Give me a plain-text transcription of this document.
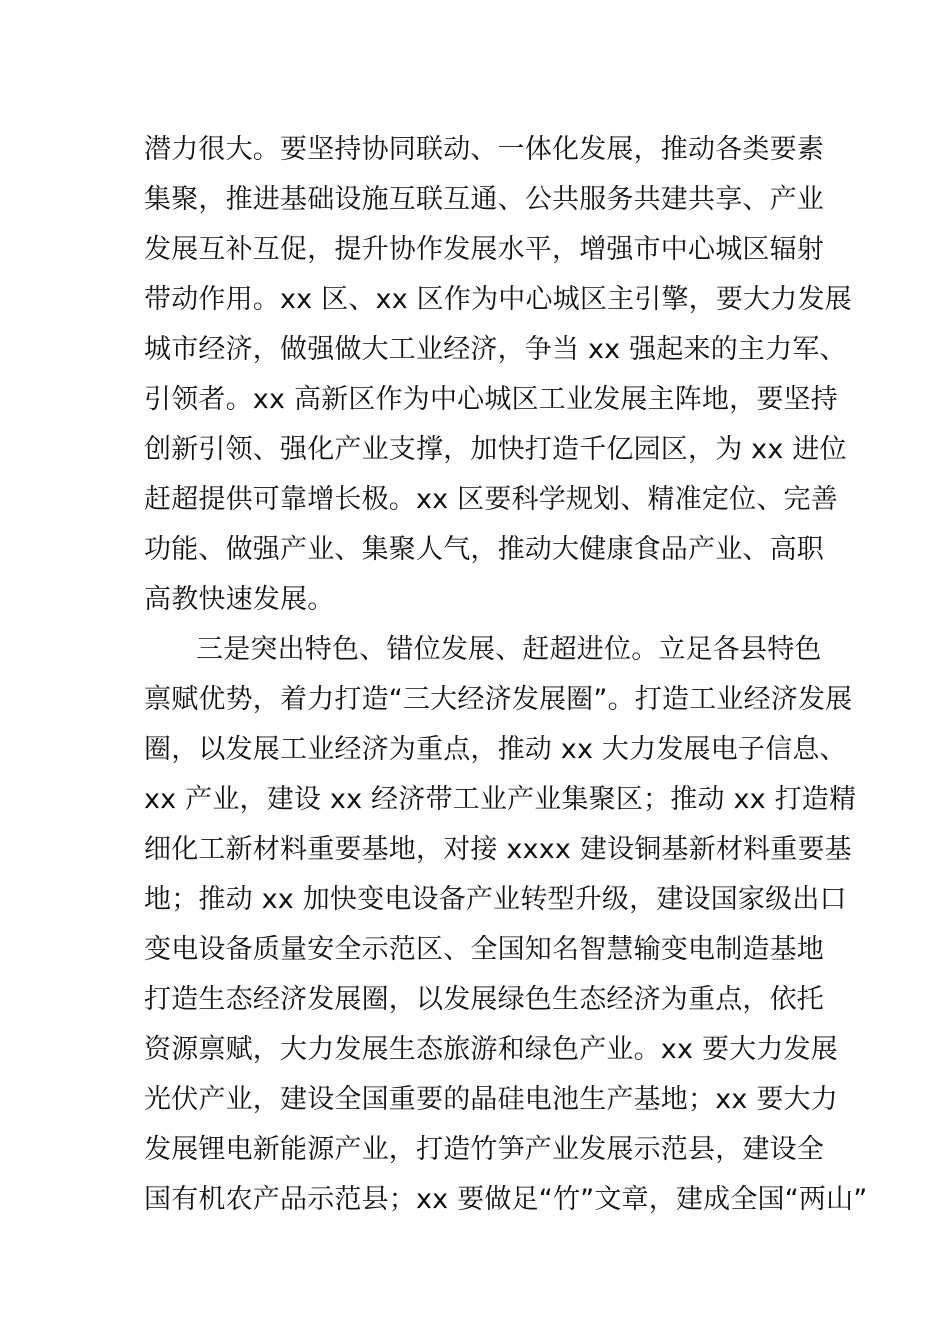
潜力很大。要坚持协同联动、一体化发展，推动各类要素
集聚，推进基础设施互联互通、公共服务共建共享、产业
发展互补互促，提升协作发展水平，增强市中心城区辐射
带动作用。xx 区、xx 区作为中心城区主引擎，要大力发展
城市经济，做强做大工业经济，争当 xx 强起来的主力军、
引领者。xx 高新区作为中心城区工业发展主阵地，要坚持
创新引领、强化产业支撑，加快打造千亿园区，为 xx 进位
赶超提供可靠增长极。xx 区要科学规划、精准定位、完善
功能、做强产业、集聚人气，推动大健康食品产业、高职
高教快速发展。
三是突出特色、错位发展、赶超进位。立足各县特色
禀赋优势，着力打造“三大经济发展圈”。打造工业经济发展
圈，以发展工业经济为重点，推动 xx 大力发展电子信息、
xx 产业，建设 xx 经济带工业产业集聚区；推动 xx 打造精
细化工新材料重要基地，对接 xxxx 建设铜基新材料重要基
地；推动 xx 加快变电设备产业转型升级，建设国家级出口
变电设备质量安全示范区、全国知名智慧输变电制造基地
打造生态经济发展圈，以发展绿色生态经济为重点，依托
资源禀赋，大力发展生态旅游和绿色产业。xx 要大力发展
光伏产业，建设全国重要的晶硅电池生产基地；xx 要大力
发展锂电新能源产业，打造竹笋产业发展示范县，建设全
国有机农产品示范县；xx 要做足“竹”文章，建成全国“两山”
